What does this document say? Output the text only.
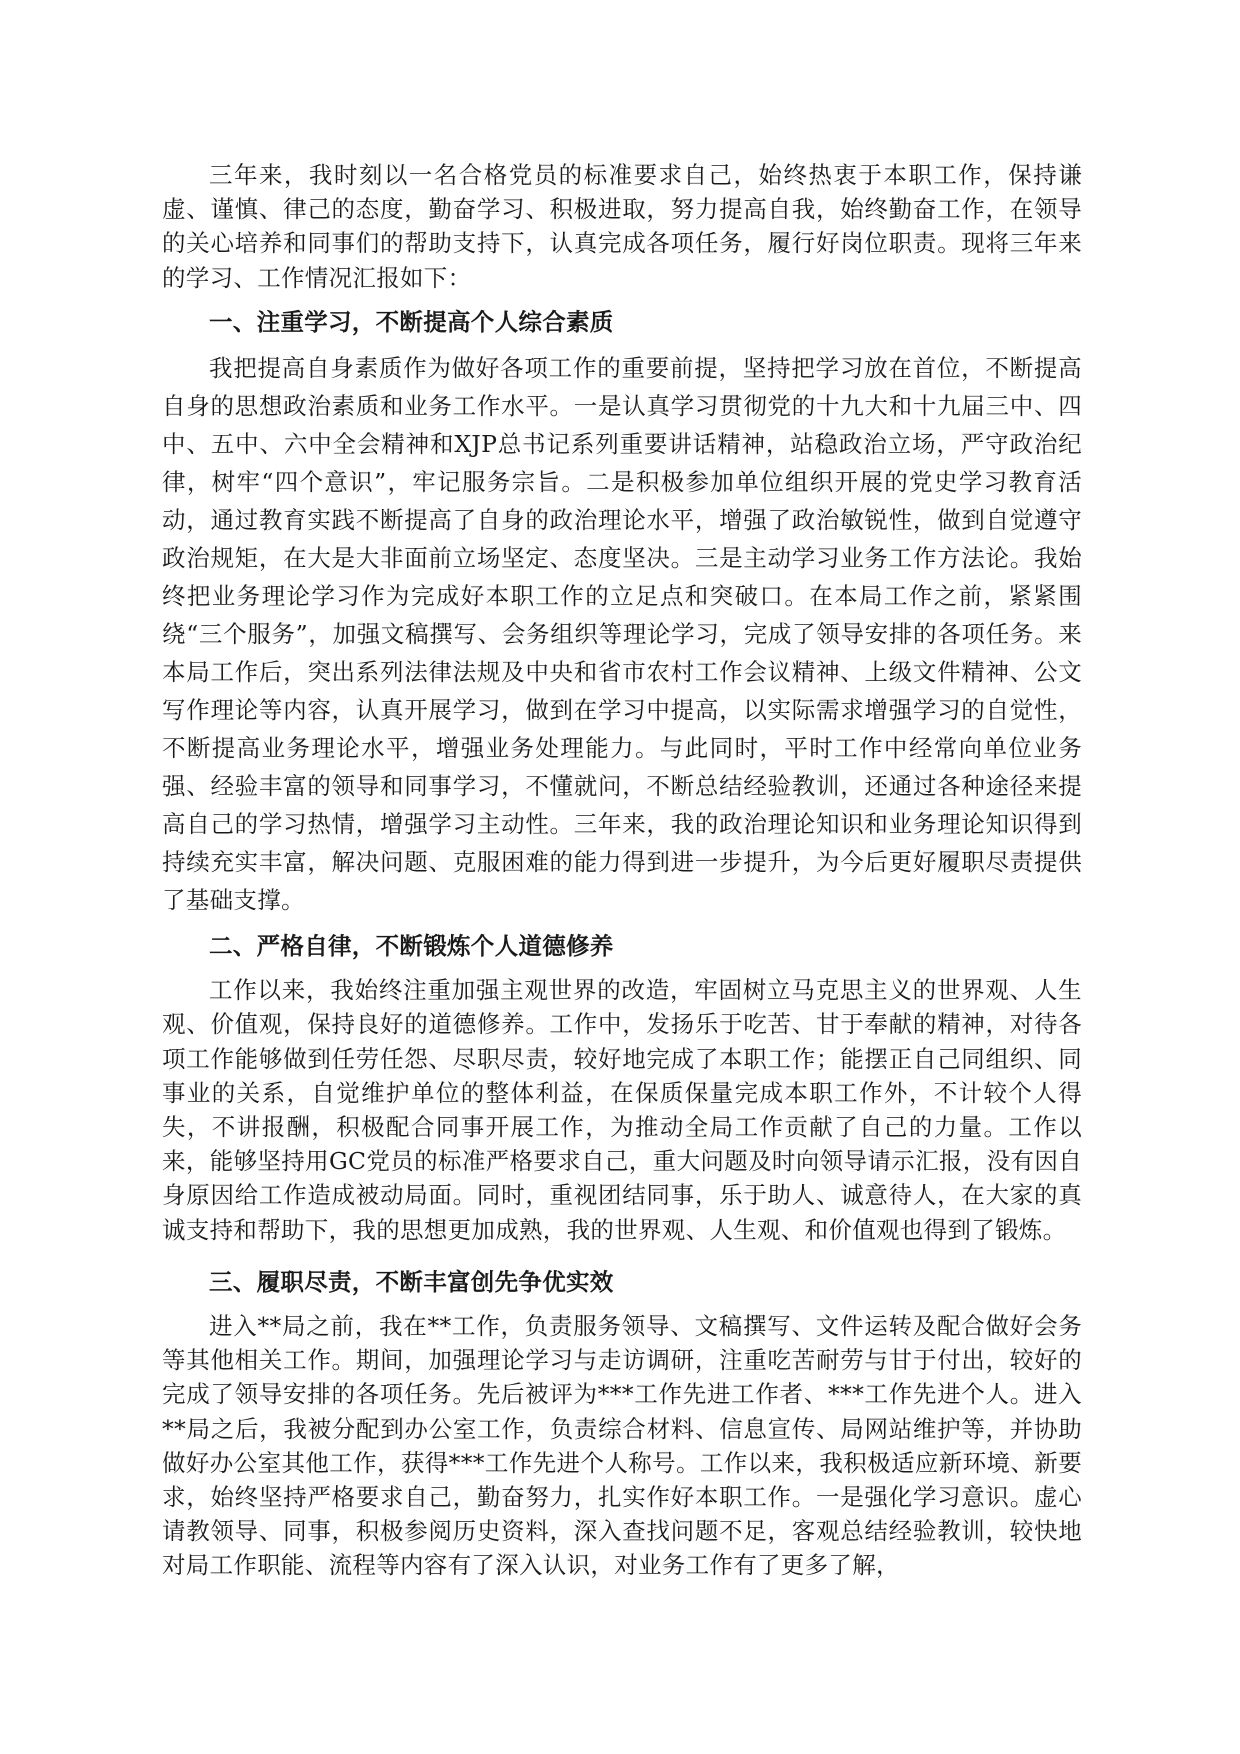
三年来，我时刻以一名合格党员的标准要求自己，始终热衷于本职工作，保持谦虚、谨慎、律己的态度，勤奋学习、积极进取，努力提高自我，始终勤奋工作，在领导的关心培养和同事们的帮助支持下，认真完成各项任务，履行好岗位职责。现将三年来的学习、工作情况汇报如下：

一、注重学习，不断提高个人综合素质

我把提高自身素质作为做好各项工作的重要前提，坚持把学习放在首位，不断提高自身的思想政治素质和业务工作水平。一是认真学习贯彻党的十九大和十九届三中、四中、五中、六中全会精神和XJP总书记系列重要讲话精神，站稳政治立场，严守政治纪律，树牢“四个意识”，牢记服务宗旨。二是积极参加单位组织开展的党史学习教育活动，通过教育实践不断提高了自身的政治理论水平，增强了政治敏锐性，做到自觉遵守政治规矩，在大是大非面前立场坚定、态度坚决。三是主动学习业务工作方法论。我始终把业务理论学习作为完成好本职工作的立足点和突破口。在本局工作之前，紧紧围绕“三个服务”，加强文稿撰写、会务组织等理论学习，完成了领导安排的各项任务。来本局工作后，突出系列法律法规及中央和省市农村工作会议精神、上级文件精神、公文写作理论等内容，认真开展学习，做到在学习中提高，以实际需求增强学习的自觉性，不断提高业务理论水平，增强业务处理能力。与此同时，平时工作中经常向单位业务强、经验丰富的领导和同事学习，不懂就问，不断总结经验教训，还通过各种途径来提高自己的学习热情，增强学习主动性。三年来，我的政治理论知识和业务理论知识得到持续充实丰富，解决问题、克服困难的能力得到进一步提升，为今后更好履职尽责提供了基础支撑。

二、严格自律，不断锻炼个人道德修养

工作以来，我始终注重加强主观世界的改造，牢固树立马克思主义的世界观、人生观、价值观，保持良好的道德修养。工作中，发扬乐于吃苦、甘于奉献的精神，对待各项工作能够做到任劳任怨、尽职尽责，较好地完成了本职工作；能摆正自己同组织、同事业的关系，自觉维护单位的整体利益，在保质保量完成本职工作外，不计较个人得失，不讲报酬，积极配合同事开展工作，为推动全局工作贡献了自己的力量。工作以来，能够坚持用GC党员的标准严格要求自己，重大问题及时向领导请示汇报，没有因自身原因给工作造成被动局面。同时，重视团结同事，乐于助人、诚意待人，在大家的真诚支持和帮助下，我的思想更加成熟，我的世界观、人生观、和价值观也得到了锻炼。

三、履职尽责，不断丰富创先争优实效

进入**局之前，我在**工作，负责服务领导、文稿撰写、文件运转及配合做好会务等其他相关工作。期间，加强理论学习与走访调研，注重吃苦耐劳与甘于付出，较好的完成了领导安排的各项任务。先后被评为***工作先进工作者、***工作先进个人。进入**局之后，我被分配到办公室工作，负责综合材料、信息宣传、局网站维护等，并协助做好办公室其他工作，获得***工作先进个人称号。工作以来，我积极适应新环境、新要求，始终坚持严格要求自己，勤奋努力，扎实作好本职工作。一是强化学习意识。虚心请教领导、同事，积极参阅历史资料，深入查找问题不足，客观总结经验教训，较快地对局工作职能、流程等内容有了深入认识，对业务工作有了更多了解，
